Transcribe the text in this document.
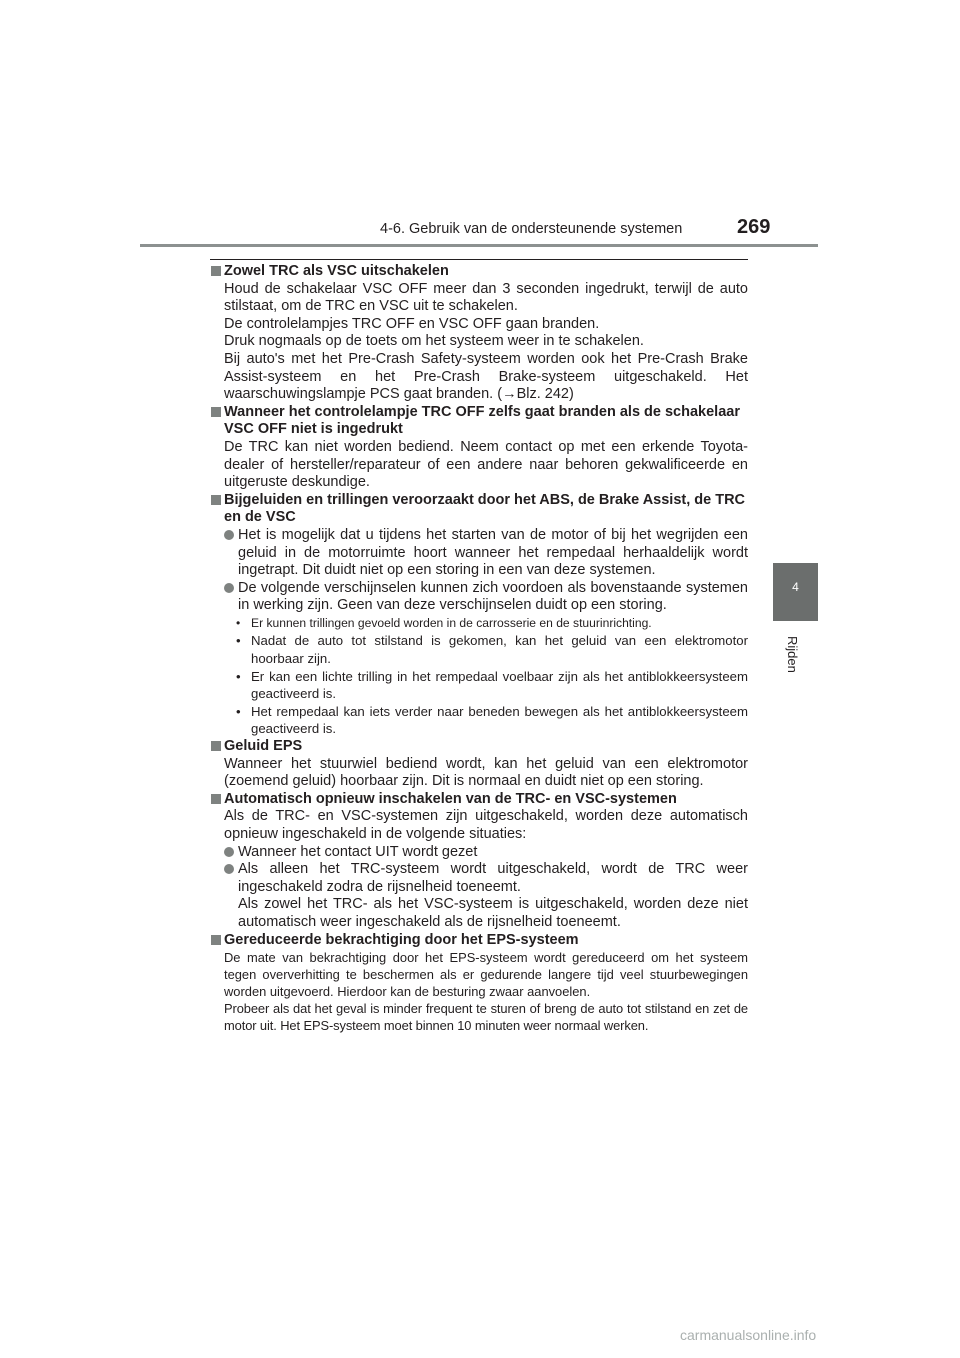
4-6. Gebruik van de ondersteunende systemen	269
4
Rijden
Zowel TRC als VSC uitschakelen
Houd de schakelaar VSC OFF meer dan 3 seconden ingedrukt, terwijl de auto stilstaat, om de TRC en VSC uit te schakelen.
De controlelampjes TRC OFF en VSC OFF gaan branden.
Druk nogmaals op de toets om het systeem weer in te schakelen.
Bij auto's met het Pre-Crash Safety-systeem worden ook het Pre-Crash Brake Assist-systeem en het Pre-Crash Brake-systeem uitgeschakeld. Het waarschuwingslampje PCS gaat branden. (→Blz. 242)
Wanneer het controlelampje TRC OFF zelfs gaat branden als de schakelaar VSC OFF niet is ingedrukt
De TRC kan niet worden bediend. Neem contact op met een erkende Toyota-dealer of hersteller/reparateur of een andere naar behoren gekwalificeerde en uitgeruste deskundige.
Bijgeluiden en trillingen veroorzaakt door het ABS, de Brake Assist, de TRC en de VSC
Het is mogelijk dat u tijdens het starten van de motor of bij het wegrijden een geluid in de motorruimte hoort wanneer het rempedaal herhaaldelijk wordt ingetrapt. Dit duidt niet op een storing in een van deze systemen.
De volgende verschijnselen kunnen zich voordoen als bovenstaande systemen in werking zijn. Geen van deze verschijnselen duidt op een storing.
• Er kunnen trillingen gevoeld worden in de carrosserie en de stuurinrichting.
• Nadat de auto tot stilstand is gekomen, kan het geluid van een elektromotor hoorbaar zijn.
• Er kan een lichte trilling in het rempedaal voelbaar zijn als het antiblokkeersysteem geactiveerd is.
• Het rempedaal kan iets verder naar beneden bewegen als het antiblokkeersysteem geactiveerd is.
Geluid EPS
Wanneer het stuurwiel bediend wordt, kan het geluid van een elektromotor (zoemend geluid) hoorbaar zijn. Dit is normaal en duidt niet op een storing.
Automatisch opnieuw inschakelen van de TRC- en VSC-systemen
Als de TRC- en VSC-systemen zijn uitgeschakeld, worden deze automatisch opnieuw ingeschakeld in de volgende situaties:
Wanneer het contact UIT wordt gezet
Als alleen het TRC-systeem wordt uitgeschakeld, wordt de TRC weer ingeschakeld zodra de rijsnelheid toeneemt.
Als zowel het TRC- als het VSC-systeem is uitgeschakeld, worden deze niet automatisch weer ingeschakeld als de rijsnelheid toeneemt.
Gereduceerde bekrachtiging door het EPS-systeem
De mate van bekrachtiging door het EPS-systeem wordt gereduceerd om het systeem tegen oververhitting te beschermen als er gedurende langere tijd veel stuurbewegingen worden uitgevoerd. Hierdoor kan de besturing zwaar aanvoelen.
Probeer als dat het geval is minder frequent te sturen of breng de auto tot stilstand en zet de motor uit. Het EPS-systeem moet binnen 10 minuten weer normaal werken.
carmanualsonline.info
